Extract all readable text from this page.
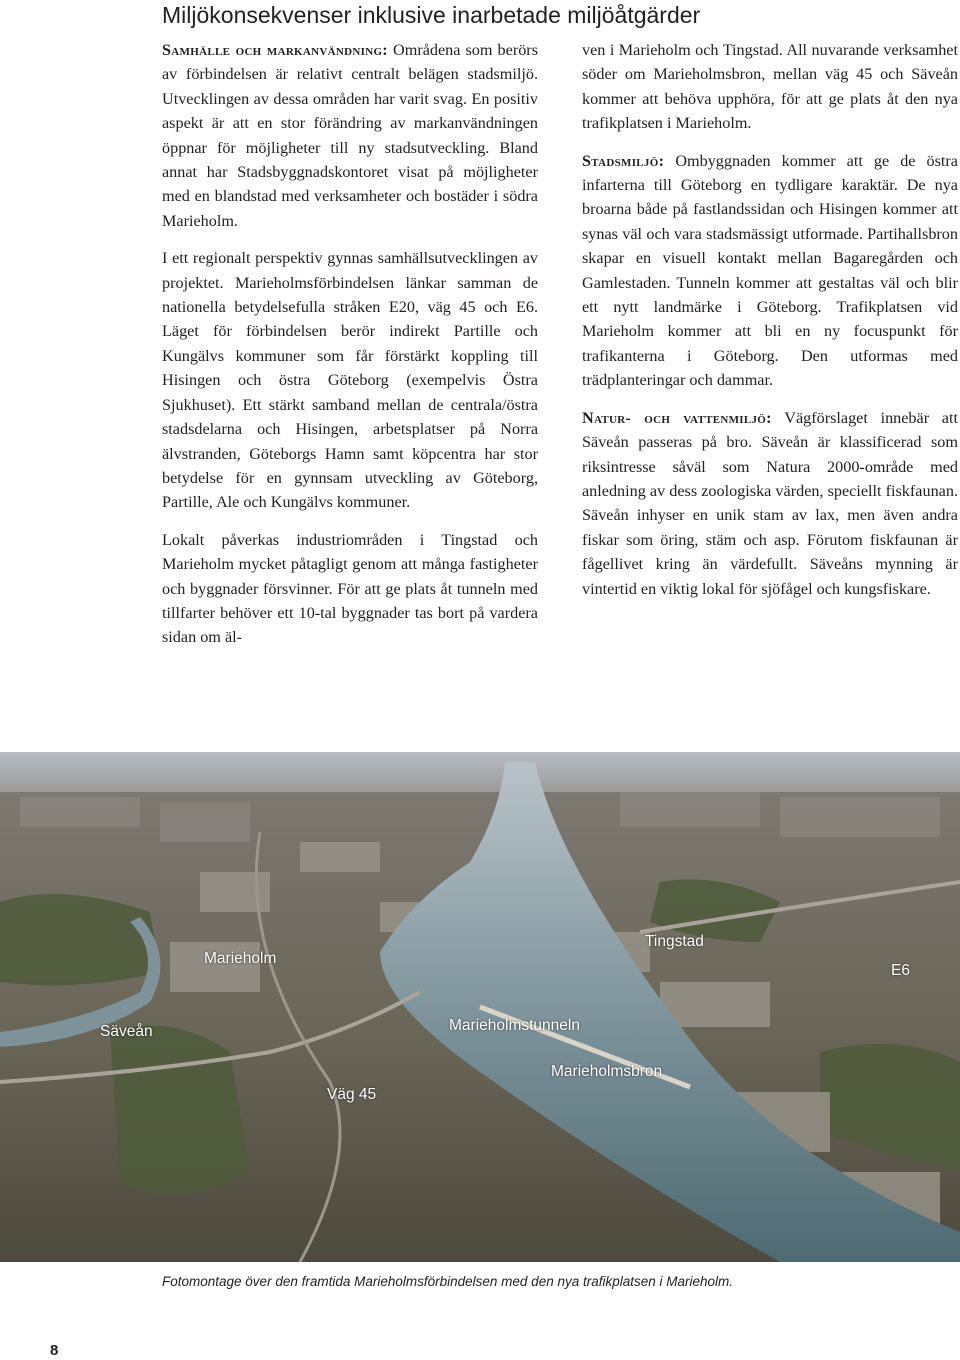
Miljökonsekvenser inklusive inarbetade miljöåtgärder

Samhälle och markanvändning: Områdena som berörs av förbindelsen är relativt centralt belägen stadsmiljö. Utvecklingen av dessa områden har varit svag. En positiv aspekt är att en stor förändring av markanvändningen öppnar för möjligheter till ny stadsutveckling. Bland annat har Stadsbyggnadskontoret visat på möjligheter med en blandstad med verksamheter och bostäder i södra Marieholm.

I ett regionalt perspektiv gynnas samhällsutvecklingen av projektet. Marieholmsförbindelsen länkar samman de nationella betydelsefulla stråken E20, väg 45 och E6. Läget för förbindelsen berör indirekt Partille och Kungälvs kommuner som får förstärkt koppling till Hisingen och östra Göteborg (exempelvis Östra Sjukhuset). Ett stärkt samband mellan de centrala/östra stadsdelarna och Hisingen, arbetsplatser på Norra älvstranden, Göteborgs Hamn samt köpcentra har stor betydelse för en gynnsam utveckling av Göteborg, Partille, Ale och Kungälvs kommuner.

Lokalt påverkas industriområden i Tingstad och Marieholm mycket påtagligt genom att många fastigheter och byggnader försvinner. För att ge plats åt tunneln med tillfarter behöver ett 10-tal byggnader tas bort på vardera sidan om äl-

ven i Marieholm och Tingstad. All nuvarande verksamhet söder om Marieholmsbron, mellan väg 45 och Säveån kommer att behöva upphöra, för att ge plats åt den nya trafikplatsen i Marieholm.

Stadsmiljö: Ombyggnaden kommer att ge de östra infarterna till Göteborg en tydligare karaktär. De nya broarna både på fastlandssidan och Hisingen kommer att synas väl och vara stadsmässigt utformade. Partihallsbron skapar en visuell kontakt mellan Bagaregården och Gamlestaden. Tunneln kommer att gestaltas väl och blir ett nytt landmärke i Göteborg. Trafikplatsen vid Marieholm kommer att bli en ny focuspunkt för trafikanterna i Göteborg. Den utformas med trädplanteringar och dammar.

Natur- och vattenmiljö: Vägförslaget innebär att Säveån passeras på bro. Säveån är klassificerad som riksintresse såväl som Natura 2000-område med anledning av dess zoologiska värden, speciellt fiskfaunan. Säveån inhyser en unik stam av lax, men även andra fiskar som öring, stäm och asp. Förutom fiskfaunan är fågellivet kring än värdefullt. Säveåns mynning är vintertid en viktig lokal för sjöfågel och kungsfiskare.

Marieholm
Tingstad
E6
Säveån	Marieholmstunneln
Väg 45
Marieholmsbron
Fotomontage över den framtida Marieholmsförbindelsen med den nya trafikplatsen i Marieholm.
8
